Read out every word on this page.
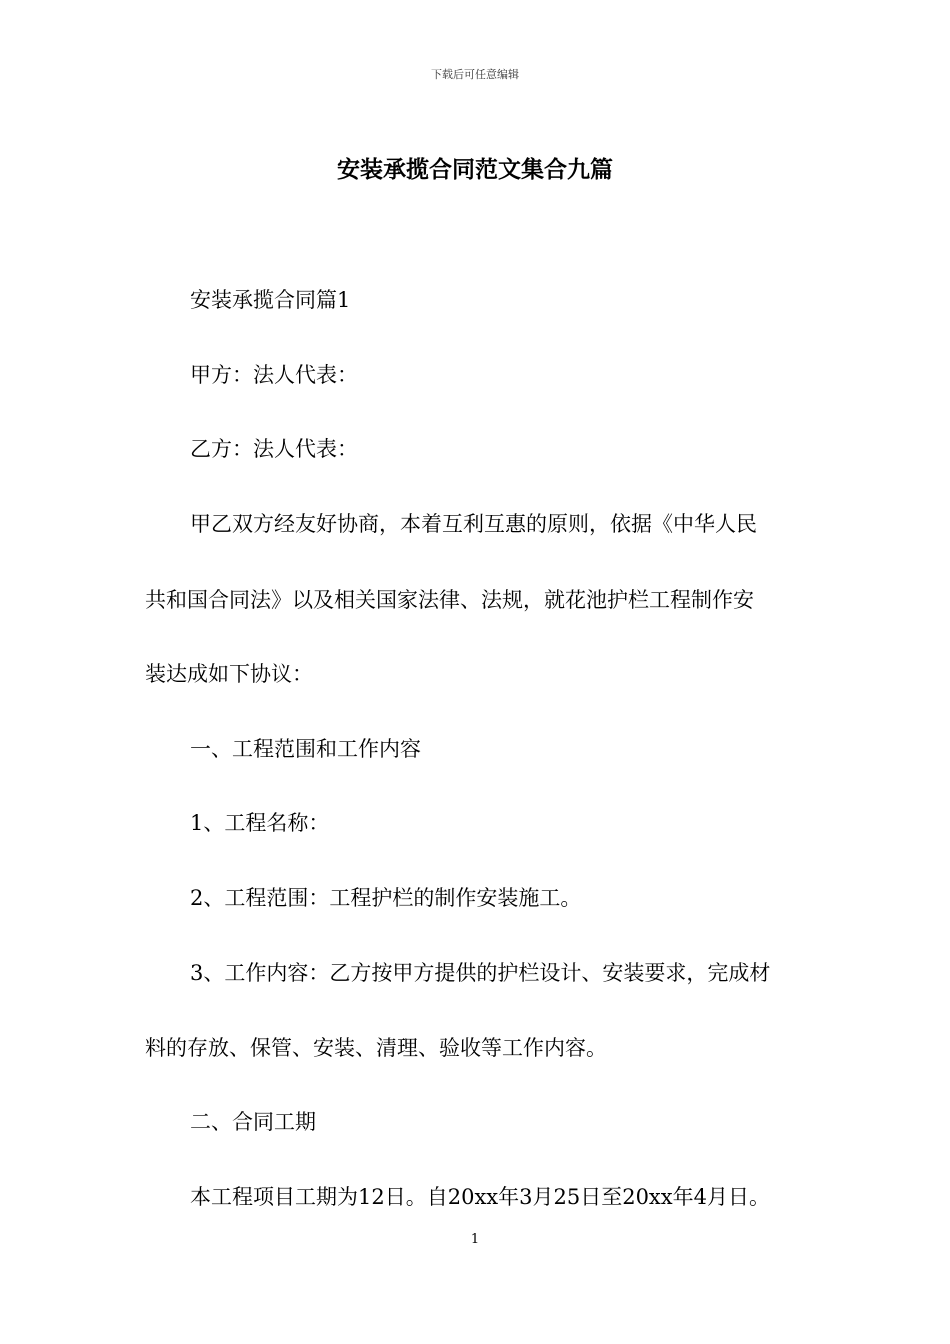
下载后可任意编辑
安装承揽合同范文集合九篇
安装承揽合同篇1
甲方：法人代表：
乙方：法人代表：
甲乙双方经友好协商，本着互利互惠的原则，依据《中华人民
共和国合同法》以及相关国家法律、法规，就花池护栏工程制作安
装达成如下协议：
一、工程范围和工作内容
1、工程名称：
2、工程范围：工程护栏的制作安装施工。
3、工作内容：乙方按甲方提供的护栏设计、安装要求，完成材
料的存放、保管、安装、清理、验收等工作内容。
二、合同工期
本工程项目工期为12日。自20xx年3月25日至20xx年4月日。
1
